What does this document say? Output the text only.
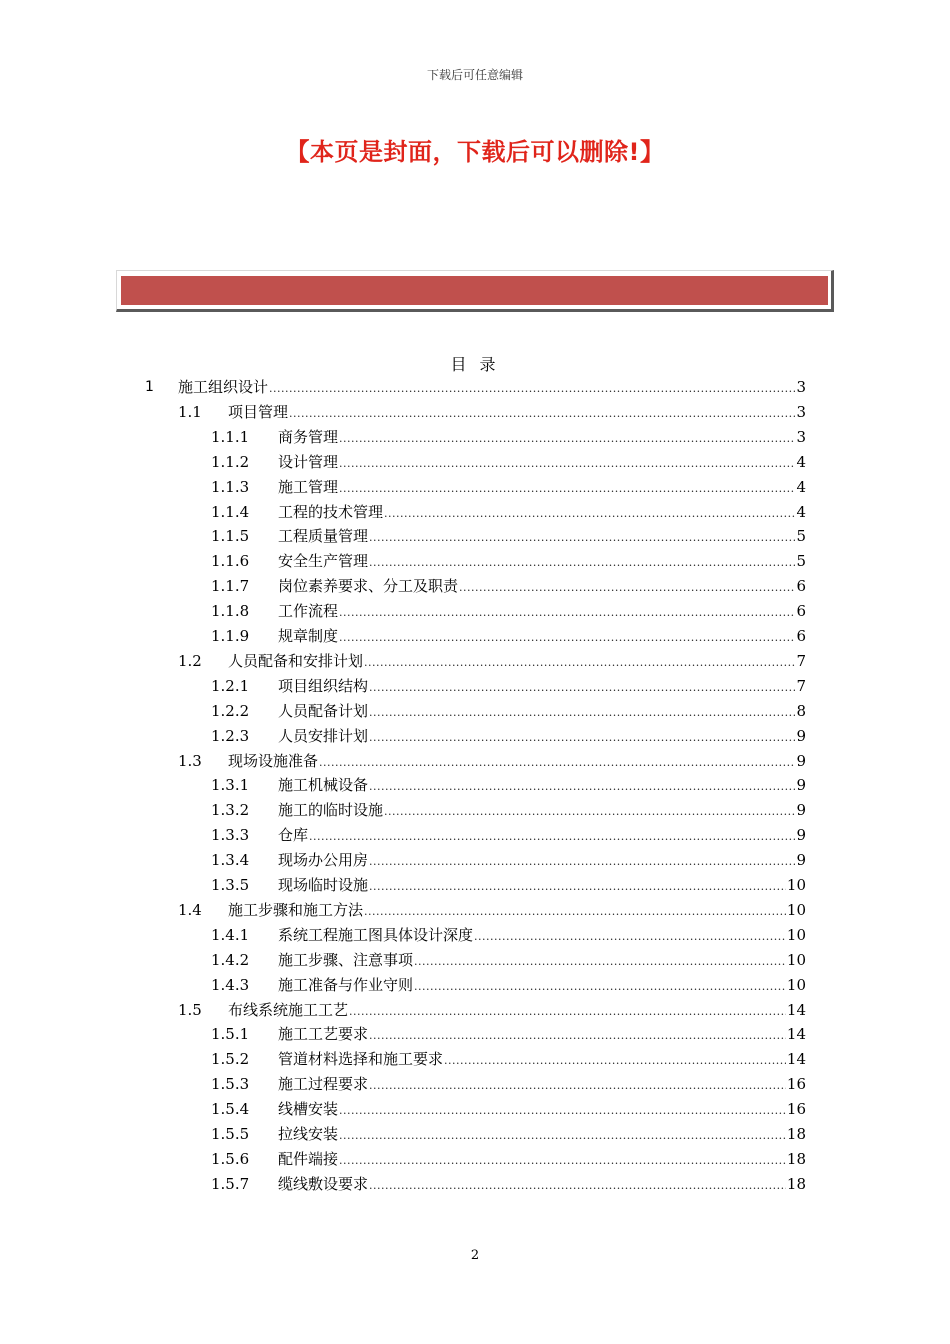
下载后可任意编辑
【本页是封面，下载后可以删除!】
目 录
1 施工组织设计 .....	3
1.1 项目管理 .....	3
1.1.1 商务管理 .....	3
1.1.2 设计管理 .....	4
1.1.3 施工管理 .....	4
1.1.4 工程的技术管理 .....	4
1.1.5 工程质量管理 .....	5
1.1.6 安全生产管理 .....	5
1.1.7 岗位素养要求、分工及职责 .....	6
1.1.8 工作流程 .....	6
1.1.9 规章制度 .....	6
1.2 人员配备和安排计划 .....	7
1.2.1 项目组织结构 .....	7
1.2.2 人员配备计划 .....	8
1.2.3 人员安排计划 .....	9
1.3 现场设施准备 .....	9
1.3.1 施工机械设备 .....	9
1.3.2 施工的临时设施 .....	9
1.3.3 仓库 .....	9
1.3.4 现场办公用房 .....	9
1.3.5 现场临时设施 .....	10
1.4 施工步骤和施工方法 .....	10
1.4.1 系统工程施工图具体设计深度 .....	10
1.4.2 施工步骤、注意事项 .....	10
1.4.3 施工准备与作业守则 .....	10
1.5 布线系统施工工艺 .....	14
1.5.1 施工工艺要求 .....	14
1.5.2 管道材料选择和施工要求 .....	14
1.5.3 施工过程要求 .....	16
1.5.4 线槽安装 .....	16
1.5.5 拉线安装 .....	18
1.5.6 配件端接 .....	18
1.5.7 缆线敷设要求 .....	18
2
